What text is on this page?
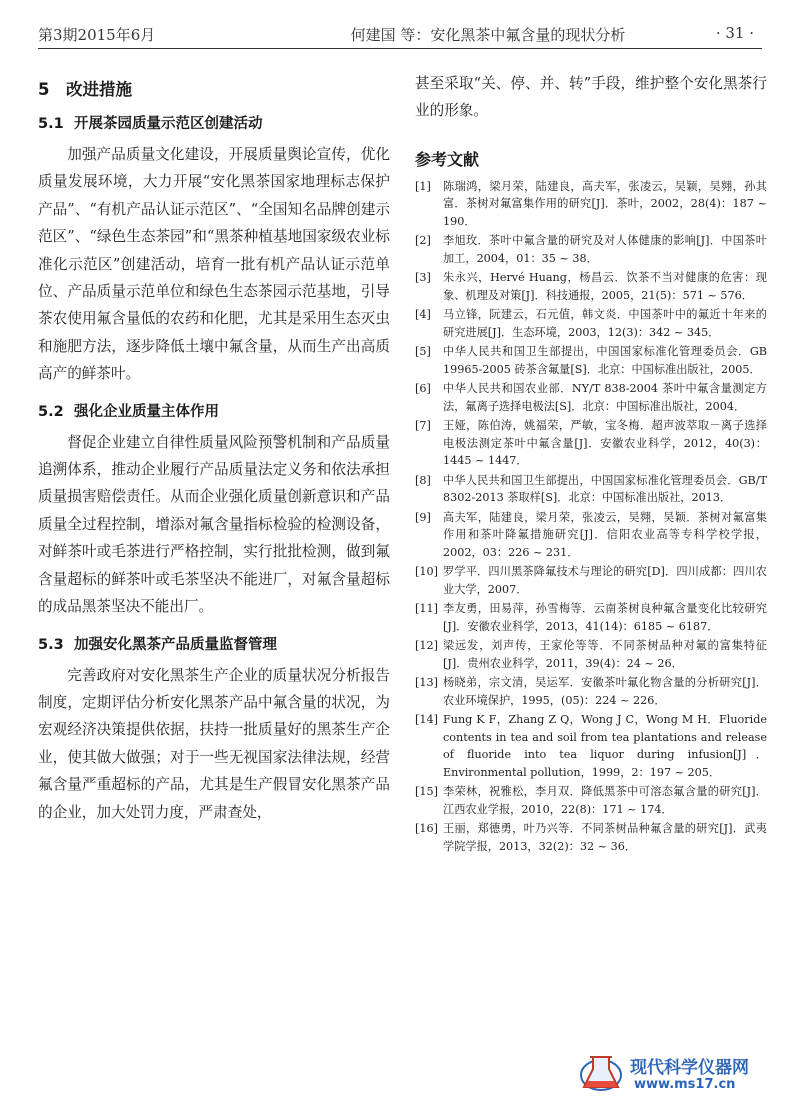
第3期2015年6月	何建国 等：安化黑茶中氟含量的现状分析	· 31 ·
5 改进措施
5.1 开展茶园质量示范区创建活动

加强产品质量文化建设，开展质量舆论宣传，优化质量发展环境，大力开展“安化黑茶国家地理标志保护产品”、“有机产品认证示范区”、“全国知名品牌创建示范区”、“绿色生态茶园”和“黑茶种植基地国家级农业标准化示范区”创建活动，培育一批有机产品认证示范单位、产品质量示范单位和绿色生态茶园示范基地，引导茶农使用氟含量低的农药和化肥，尤其是采用生态灭虫和施肥方法，逐步降低土壤中氟含量，从而生产出高质高产的鲜茶叶。

5.2 强化企业质量主体作用

督促企业建立自律性质量风险预警机制和产品质量追溯体系，推动企业履行产品质量法定义务和依法承担质量损害赔偿责任。从而企业强化质量创新意识和产品质量全过程控制，增添对氟含量指标检验的检测设备，对鲜茶叶或毛茶进行严格控制，实行批批检测，做到氟含量超标的鲜茶叶或毛茶坚决不能进厂，对氟含量超标的成品黑茶坚决不能出厂。

5.3 加强安化黑茶产品质量监督管理

完善政府对安化黑茶生产企业的质量状况分析报告制度，定期评估分析安化黑茶产品中氟含量的状况，为宏观经济决策提供依据，扶持一批质量好的黑茶生产企业，使其做大做强；对于一些无视国家法律法规，经营氟含量严重超标的产品，尤其是生产假冒安化黑茶产品的企业，加大处罚力度，严肃查处，

甚至采取“关、停、并、转”手段，维护整个安化黑茶行业的形象。

参考文献
[1]	陈瑞鸿，梁月荣，陆建良，高夫军，张凌云，吴颖，吴翙，孙其富．茶树对氟富集作用的研究[J]．茶叶，2002，28(4)：187 ~ 190．
[2]	李旭玫．茶叶中氟含量的研究及对人体健康的影响[J]．中国茶叶加工，2004，01：35 ~ 38．
[3]	朱永兴，Hervé Huang，杨昌云．饮茶不当对健康的危害：现象、机理及对策[J]．科技通报，2005，21(5)：571 ~ 576．
[4]	马立锋，阮建云，石元值，韩文炎．中国茶叶中的氟近十年来的研究进展[J]．生态环境，2003，12(3)：342 ~ 345．
[5]	中华人民共和国卫生部提出，中国国家标准化管理委员会．GB 19965-2005 砖茶含氟量[S]．北京：中国标准出版社，2005．
[6]	中华人民共和国农业部．NY/T 838-2004 茶叶中氟含量测定方法，氟离子选择电极法[S]．北京：中国标准出版社，2004．
[7]	王娅，陈伯涛，姚福荣，严敏，宝冬梅．超声波萃取－离子选择电极法测定茶叶中氟含量[J]．安徽农业科学，2012，40(3)：1445 ~ 1447．
[8]	中华人民共和国卫生部提出，中国国家标准化管理委员会．GB/T 8302-2013 茶取样[S]．北京：中国标准出版社，2013．
[9]	高夫军，陆建良，梁月荣，张凌云，吴翙，吴颖．茶树对氟富集作用和茶叶降氟措施研究[J]．信阳农业高等专科学校学报，2002，03：226 ~ 231．
[10] 罗学平．四川黑茶降氟技术与理论的研究[D]．四川成都：四川农业大学，2007．
[11] 李友勇，田易萍，孙雪梅等．云南茶树良种氟含量变化比较研究[J]．安徽农业科学，2013，41(14)：6185 ~ 6187．
[12] 梁远发，刘声传，王家伦等等．不同茶树品种对氟的富集特征[J]．贵州农业科学，2011，39(4)：24 ~ 26．
[13] 杨晓弟，宗文清，吴运军．安徽茶叶氟化物含量的分析研究[J]．农业环境保护，1995，(05)：224 ~ 226．
[14] Fung K F，Zhang Z Q，Wong J C，Wong M H．Fluoride contents in tea and soil from tea plantations and release of fluoride into tea liquor during infusion[J]．Environmental pollution，1999，2：197 ~ 205．
[15] 李荣林，祝雅松，李月双．降低黑茶中可溶态氟含量的研究[J]．江西农业学报，2010，22(8)：171 ~ 174．
[16] 王丽，郑德勇，叶乃兴等．不同茶树品种氟含量的研究[J]．武夷学院学报，2013，32(2)：32 ~ 36．
现代科学仪器网
www.ms17.cn
